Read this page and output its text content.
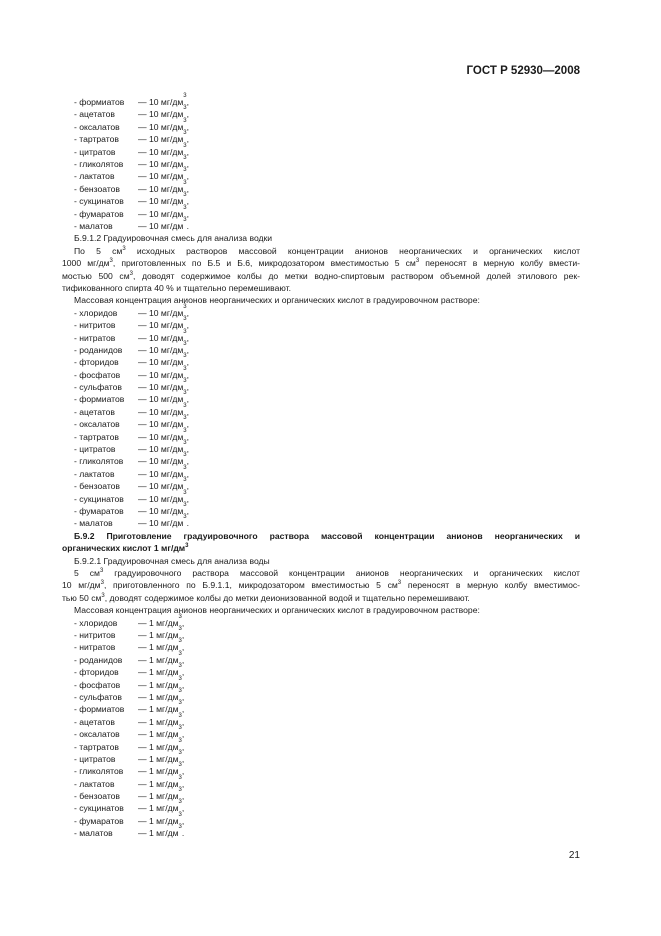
ГОСТ Р 52930—2008
- формиатов	— 10 мг/дм
3
,
- ацетатов	— 10 мг/дм
3
,
- оксалатов	— 10 мг/дм
3
,
- тартратов	— 10 мг/дм
3
,
- цитратов	— 10 мг/дм
3
,
- гликолятов	— 10 мг/дм
3
,
- лактатов	— 10 мг/дм
3
,
- бензоатов	— 10 мг/дм
3
,
- сукцинатов	— 10 мг/дм
3
,
- фумаратов	— 10 мг/дм
3
,
- малатов	— 10 мг/дм
3
.
Б.9.1.2 Градуировочная смесь для анализа водки
По 5 $см^3$ исходных растворов массовой концентрации анионов неорганических и органических кислот
1000 $мг/дм^3$, приготовленных по Б.5 и Б.6, микродозатором вместимостью 5 $см^3$ переносят в мерную колбу вмести-
мостью 500 $см^3$, доводят содержимое колбы до метки водно-спиртовым раствором объемной долей этилового рек-
тификованного спирта 40 % и тщательно перемешивают.
Массовая концентрация анионов неорганических и органических кислот в градуировочном растворе:
- хлоридов	— 10 мг/дм
3
,
- нитритов	— 10 мг/дм
3
,
- нитратов	— 10 мг/дм
3
,
- роданидов	— 10 мг/дм
3
,
- фторидов	— 10 мг/дм
3
,
- фосфатов	— 10 мг/дм
3
,
- сульфатов	— 10 мг/дм
3
,
- формиатов	— 10 мг/дм
3
,
- ацетатов	— 10 мг/дм
3
,
- оксалатов	— 10 мг/дм
3
,
- тартратов	— 10 мг/дм
3
,
- цитратов	— 10 мг/дм
3
,
- гликолятов	— 10 мг/дм
3
,
- лактатов	— 10 мг/дм
3
,
- бензоатов	— 10 мг/дм
3
,
- сукцинатов	— 10 мг/дм
3
,
- фумаратов	— 10 мг/дм
3
,
- малатов	— 10 мг/дм
3
.
Б.9.2 Приготовление градуировочного раствора массовой концентрации анионов неорганических и
органических кислот 1 $мг/дм^3$
Б.9.2.1 Градуировочная смесь для анализа воды
5 $см^3$ градуировочного раствора массовой концентрации анионов неорганических и органических кислот
10 $мг/дм^3$, приготовленного по Б.9.1.1, микродозатором вместимостью 5 $см^3$ переносят в мерную колбу вместимос-
тью 50 $см^3$, доводят содержимое колбы до метки деионизованной водой и тщательно перемешивают.
Массовая концентрация анионов неорганических и органических кислот в градуировочном растворе:
- хлоридов	— 1 мг/дм
3
,
- нитритов	— 1 мг/дм
3
,
- нитратов	— 1 мг/дм
3
,
- роданидов	— 1 мг/дм
3
,
- фторидов	— 1 мг/дм
3
,
- фосфатов	— 1 мг/дм
3
,
- сульфатов	— 1 мг/дм
3
,
- формиатов	— 1 мг/дм
3
,
- ацетатов	— 1 мг/дм
3
,
- оксалатов	— 1 мг/дм
3
,
- тартратов	— 1 мг/дм
3
,
- цитратов	— 1 мг/дм
3
,
- гликолятов	— 1 мг/дм
3
,
- лактатов	— 1 мг/дм
3
,
- бензоатов	— 1 мг/дм
3
,
- сукцинатов	— 1 мг/дм
3
,
- фумаратов	— 1 мг/дм
3
,
- малатов	— 1 мг/дм
3
.
21
